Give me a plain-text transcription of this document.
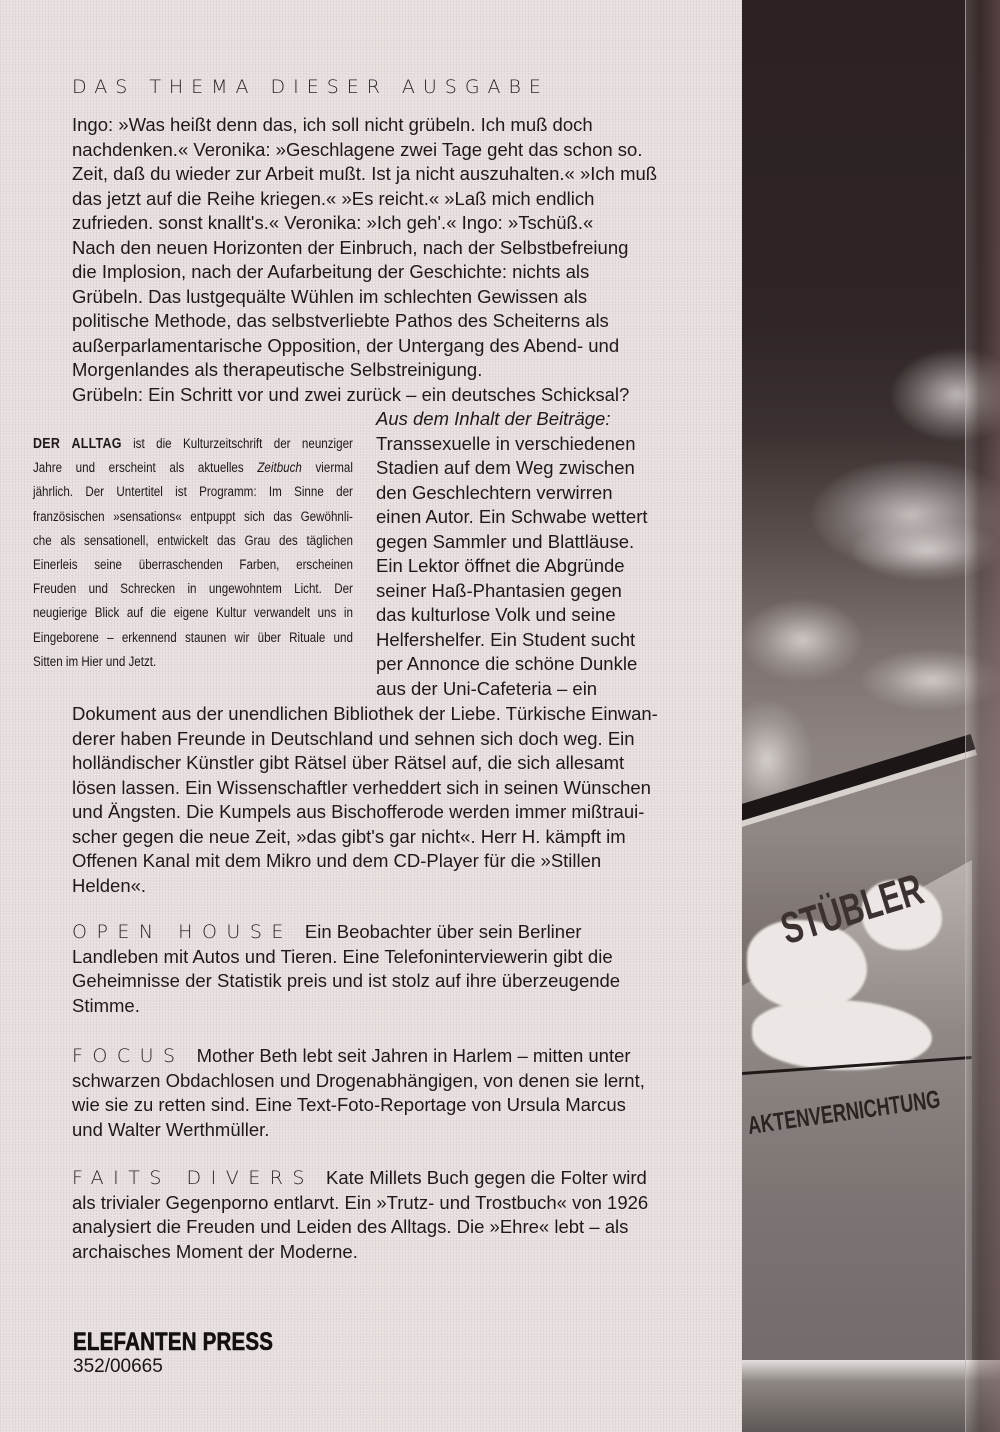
DAS THEMA DIESER AUSGABE

Ingo: »Was heißt denn das, ich soll nicht grübeln. Ich muß doch
nachdenken.« Veronika: »Geschlagene zwei Tage geht das schon so.
Zeit, daß du wieder zur Arbeit mußt. Ist ja nicht auszuhalten.« »Ich muß
das jetzt auf die Reihe kriegen.« »Es reicht.« »Laß mich endlich
zufrieden. sonst knallt's.« Veronika: »Ich geh'.« Ingo: »Tschüß.«
Nach den neuen Horizonten der Einbruch, nach der Selbstbefreiung
die Implosion, nach der Aufarbeitung der Geschichte: nichts als
Grübeln. Das lustgequälte Wühlen im schlechten Gewissen als
politische Methode, das selbstverliebte Pathos des Scheiterns als
außerparlamentarische Opposition, der Untergang des Abend- und
Morgenlandes als therapeutische Selbstreinigung.
Grübeln: Ein Schritt vor und zwei zurück – ein deutsches Schicksal?

DER ALLTAG ist die Kulturzeitschrift der neunziger
Jahre und erscheint als aktuelles Zeitbuch viermal
jährlich. Der Untertitel ist Programm: Im Sinne der
französischen »sensations« entpuppt sich das Gewöhnli-
che als sensationell, entwickelt das Grau des täglichen
Einerleis seine überraschenden Farben, erscheinen
Freuden und Schrecken in ungewohntem Licht. Der
neugierige Blick auf die eigene Kultur verwandelt uns in
Eingeborene – erkennend staunen wir über Rituale und
Sitten im Hier und Jetzt.

Aus dem Inhalt der Beiträge:
Transsexuelle in verschiedenen
Stadien auf dem Weg zwischen
den Geschlechtern verwirren
einen Autor. Ein Schwabe wettert
gegen Sammler und Blattläuse.
Ein Lektor öffnet die Abgründe
seiner Haß-Phantasien gegen
das kulturlose Volk und seine
Helfershelfer. Ein Student sucht
per Annonce die schöne Dunkle
aus der Uni-Cafeteria – ein

Dokument aus der unendlichen Bibliothek der Liebe. Türkische Einwan-
derer haben Freunde in Deutschland und sehnen sich doch weg. Ein
holländischer Künstler gibt Rätsel über Rätsel auf, die sich allesamt
lösen lassen. Ein Wissenschaftler verheddert sich in seinen Wünschen
und Ängsten. Die Kumpels aus Bischofferode werden immer mißtraui-
scher gegen die neue Zeit, »das gibt's gar nicht«. Herr H. kämpft im
Offenen Kanal mit dem Mikro und dem CD-Player für die »Stillen
Helden«.

OPEN HOUSE Ein Beobachter über sein Berliner
Landleben mit Autos und Tieren. Eine Telefoninterviewerin gibt die
Geheimnisse der Statistik preis und ist stolz auf ihre überzeugende
Stimme.

FOCUS Mother Beth lebt seit Jahren in Harlem – mitten unter
schwarzen Obdachlosen und Drogenabhängigen, von denen sie lernt,
wie sie zu retten sind. Eine Text-Foto-Reportage von Ursula Marcus
und Walter Werthmüller.

FAITS DIVERS Kate Millets Buch gegen die Folter wird
als trivialer Gegenporno entlarvt. Ein »Trutz- und Trostbuch« von 1926
analysiert die Freuden und Leiden des Alltags. Die »Ehre« lebt – als
archaisches Moment der Moderne.

ELEFANTEN PRESS
352/00665
STÜBLER
AKTENVERNICHTUNG
